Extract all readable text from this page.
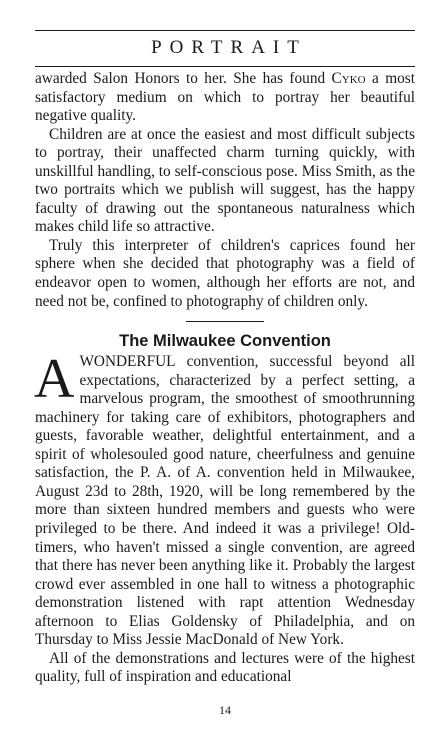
PORTRAIT

awarded Salon Honors to her. She has found Cyko a most satisfactory medium on which to portray her beautiful negative quality.

Children are at once the easiest and most difficult subjects to portray, their unaffected charm turning quickly, with unskillful handling, to self-conscious pose. Miss Smith, as the two portraits which we publish will suggest, has the happy faculty of drawing out the spontaneous naturalness which makes child life so attractive.

Truly this interpreter of children's caprices found her sphere when she decided that photography was a field of endeavor open to women, although her efforts are not, and need not be, confined to photography of children only.

The Milwaukee Convention

AWONDERFUL convention, successful beyond all expectations, characterized by a perfect setting, a marvelous program, the smoothest of smoothrunning machinery for taking care of exhibitors, photographers and guests, favorable weather, delightful entertainment, and a spirit of wholesouled good nature, cheerfulness and genuine satisfaction, the P. A. of A. convention held in Milwaukee, August 23d to 28th, 1920, will be long remembered by the more than sixteen hundred members and guests who were privileged to be there. And indeed it was a privilege! Old-timers, who haven't missed a single convention, are agreed that there has never been anything like it. Probably the largest crowd ever assembled in one hall to witness a photographic demonstration listened with rapt attention Wednesday afternoon to Elias Goldensky of Philadelphia, and on Thursday to Miss Jessie MacDonald of New York.

All of the demonstrations and lectures were of the highest quality, full of inspiration and educational

14
